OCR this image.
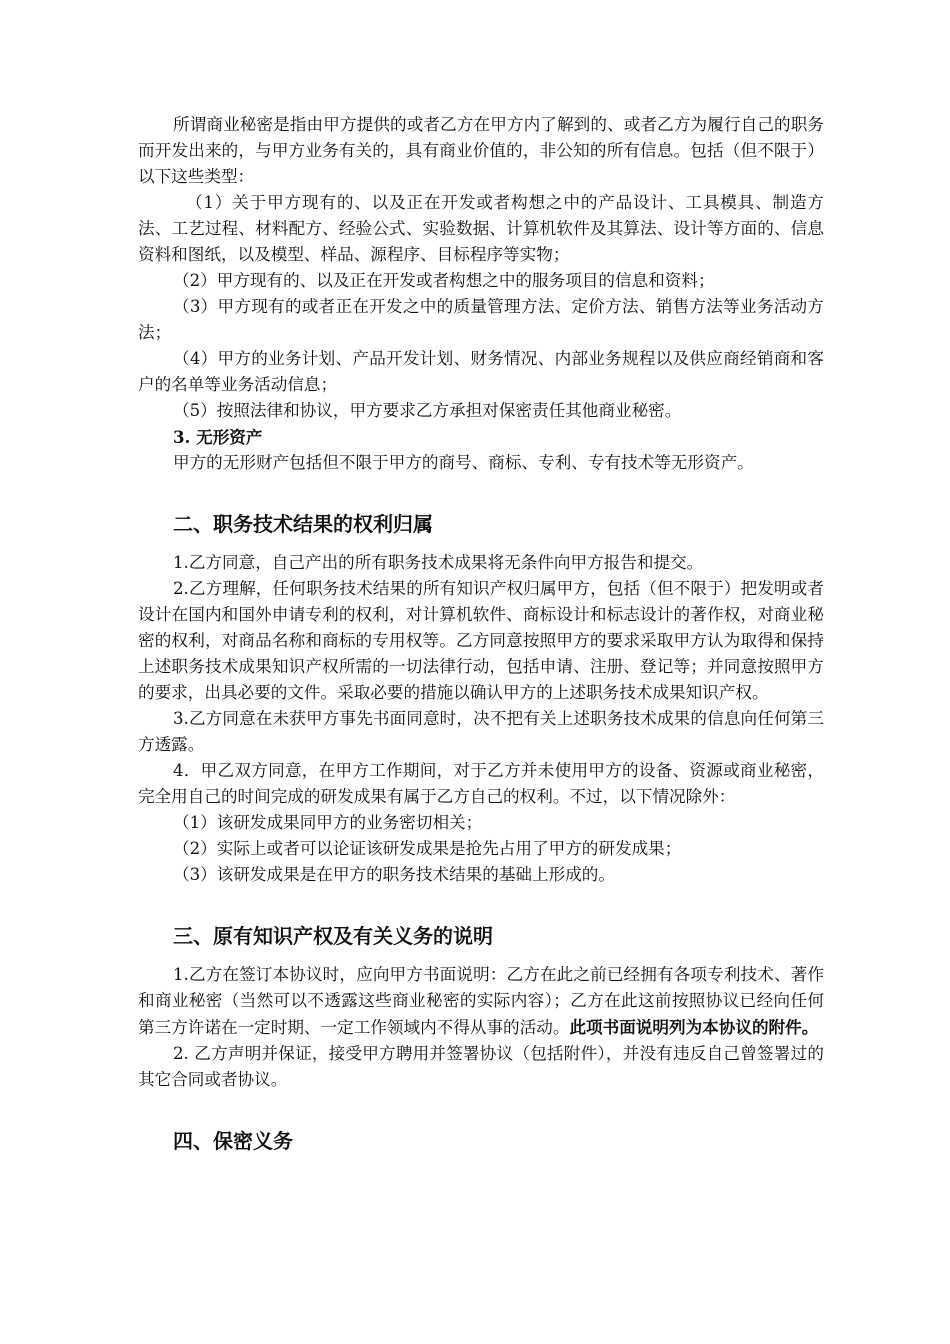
所谓商业秘密是指由甲方提供的或者乙方在甲方内了解到的、或者乙方为履行自己的职务而开发出来的，与甲方业务有关的，具有商业价值的，非公知的所有信息。包括（但不限于）以下这些类型：

（1）关于甲方现有的、以及正在开发或者构想之中的产品设计、工具模具、制造方法、工艺过程、材料配方、经验公式、实验数据、计算机软件及其算法、设计等方面的、信息资料和图纸，以及模型、样品、源程序、目标程序等实物；

（2）甲方现有的、以及正在开发或者构想之中的服务项目的信息和资料；

（3）甲方现有的或者正在开发之中的质量管理方法、定价方法、销售方法等业务活动方法；

（4）甲方的业务计划、产品开发计划、财务情况、内部业务规程以及供应商经销商和客户的名单等业务活动信息；

（5）按照法律和协议，甲方要求乙方承担对保密责任其他商业秘密。

3. 无形资产

甲方的无形财产包括但不限于甲方的商号、商标、专利、专有技术等无形资产。

二、职务技术结果的权利归属

1.乙方同意，自己产出的所有职务技术成果将无条件向甲方报告和提交。

2.乙方理解，任何职务技术结果的所有知识产权归属甲方，包括（但不限于）把发明或者设计在国内和国外申请专利的权利，对计算机软件、商标设计和标志设计的著作权，对商业秘密的权利，对商品名称和商标的专用权等。乙方同意按照甲方的要求采取甲方认为取得和保持上述职务技术成果知识产权所需的一切法律行动，包括申请、注册、登记等；并同意按照甲方的要求，出具必要的文件。采取必要的措施以确认甲方的上述职务技术成果知识产权。

3.乙方同意在未获甲方事先书面同意时，决不把有关上述职务技术成果的信息向任何第三方透露。

4．甲乙双方同意，在甲方工作期间，对于乙方并未使用甲方的设备、资源或商业秘密，完全用自己的时间完成的研发成果有属于乙方自己的权利。不过，以下情况除外：

（1）该研发成果同甲方的业务密切相关；

（2）实际上或者可以论证该研发成果是抢先占用了甲方的研发成果；

（3）该研发成果是在甲方的职务技术结果的基础上形成的。

三、原有知识产权及有关义务的说明

1.乙方在签订本协议时，应向甲方书面说明：乙方在此之前已经拥有各项专利技术、著作和商业秘密（当然可以不透露这些商业秘密的实际内容）；乙方在此这前按照协议已经向任何第三方许诺在一定时期、一定工作领域内不得从事的活动。此项书面说明列为本协议的附件。

2. 乙方声明并保证，接受甲方聘用并签署协议（包括附件），并没有违反自己曾签署过的其它合同或者协议。

四、保密义务
